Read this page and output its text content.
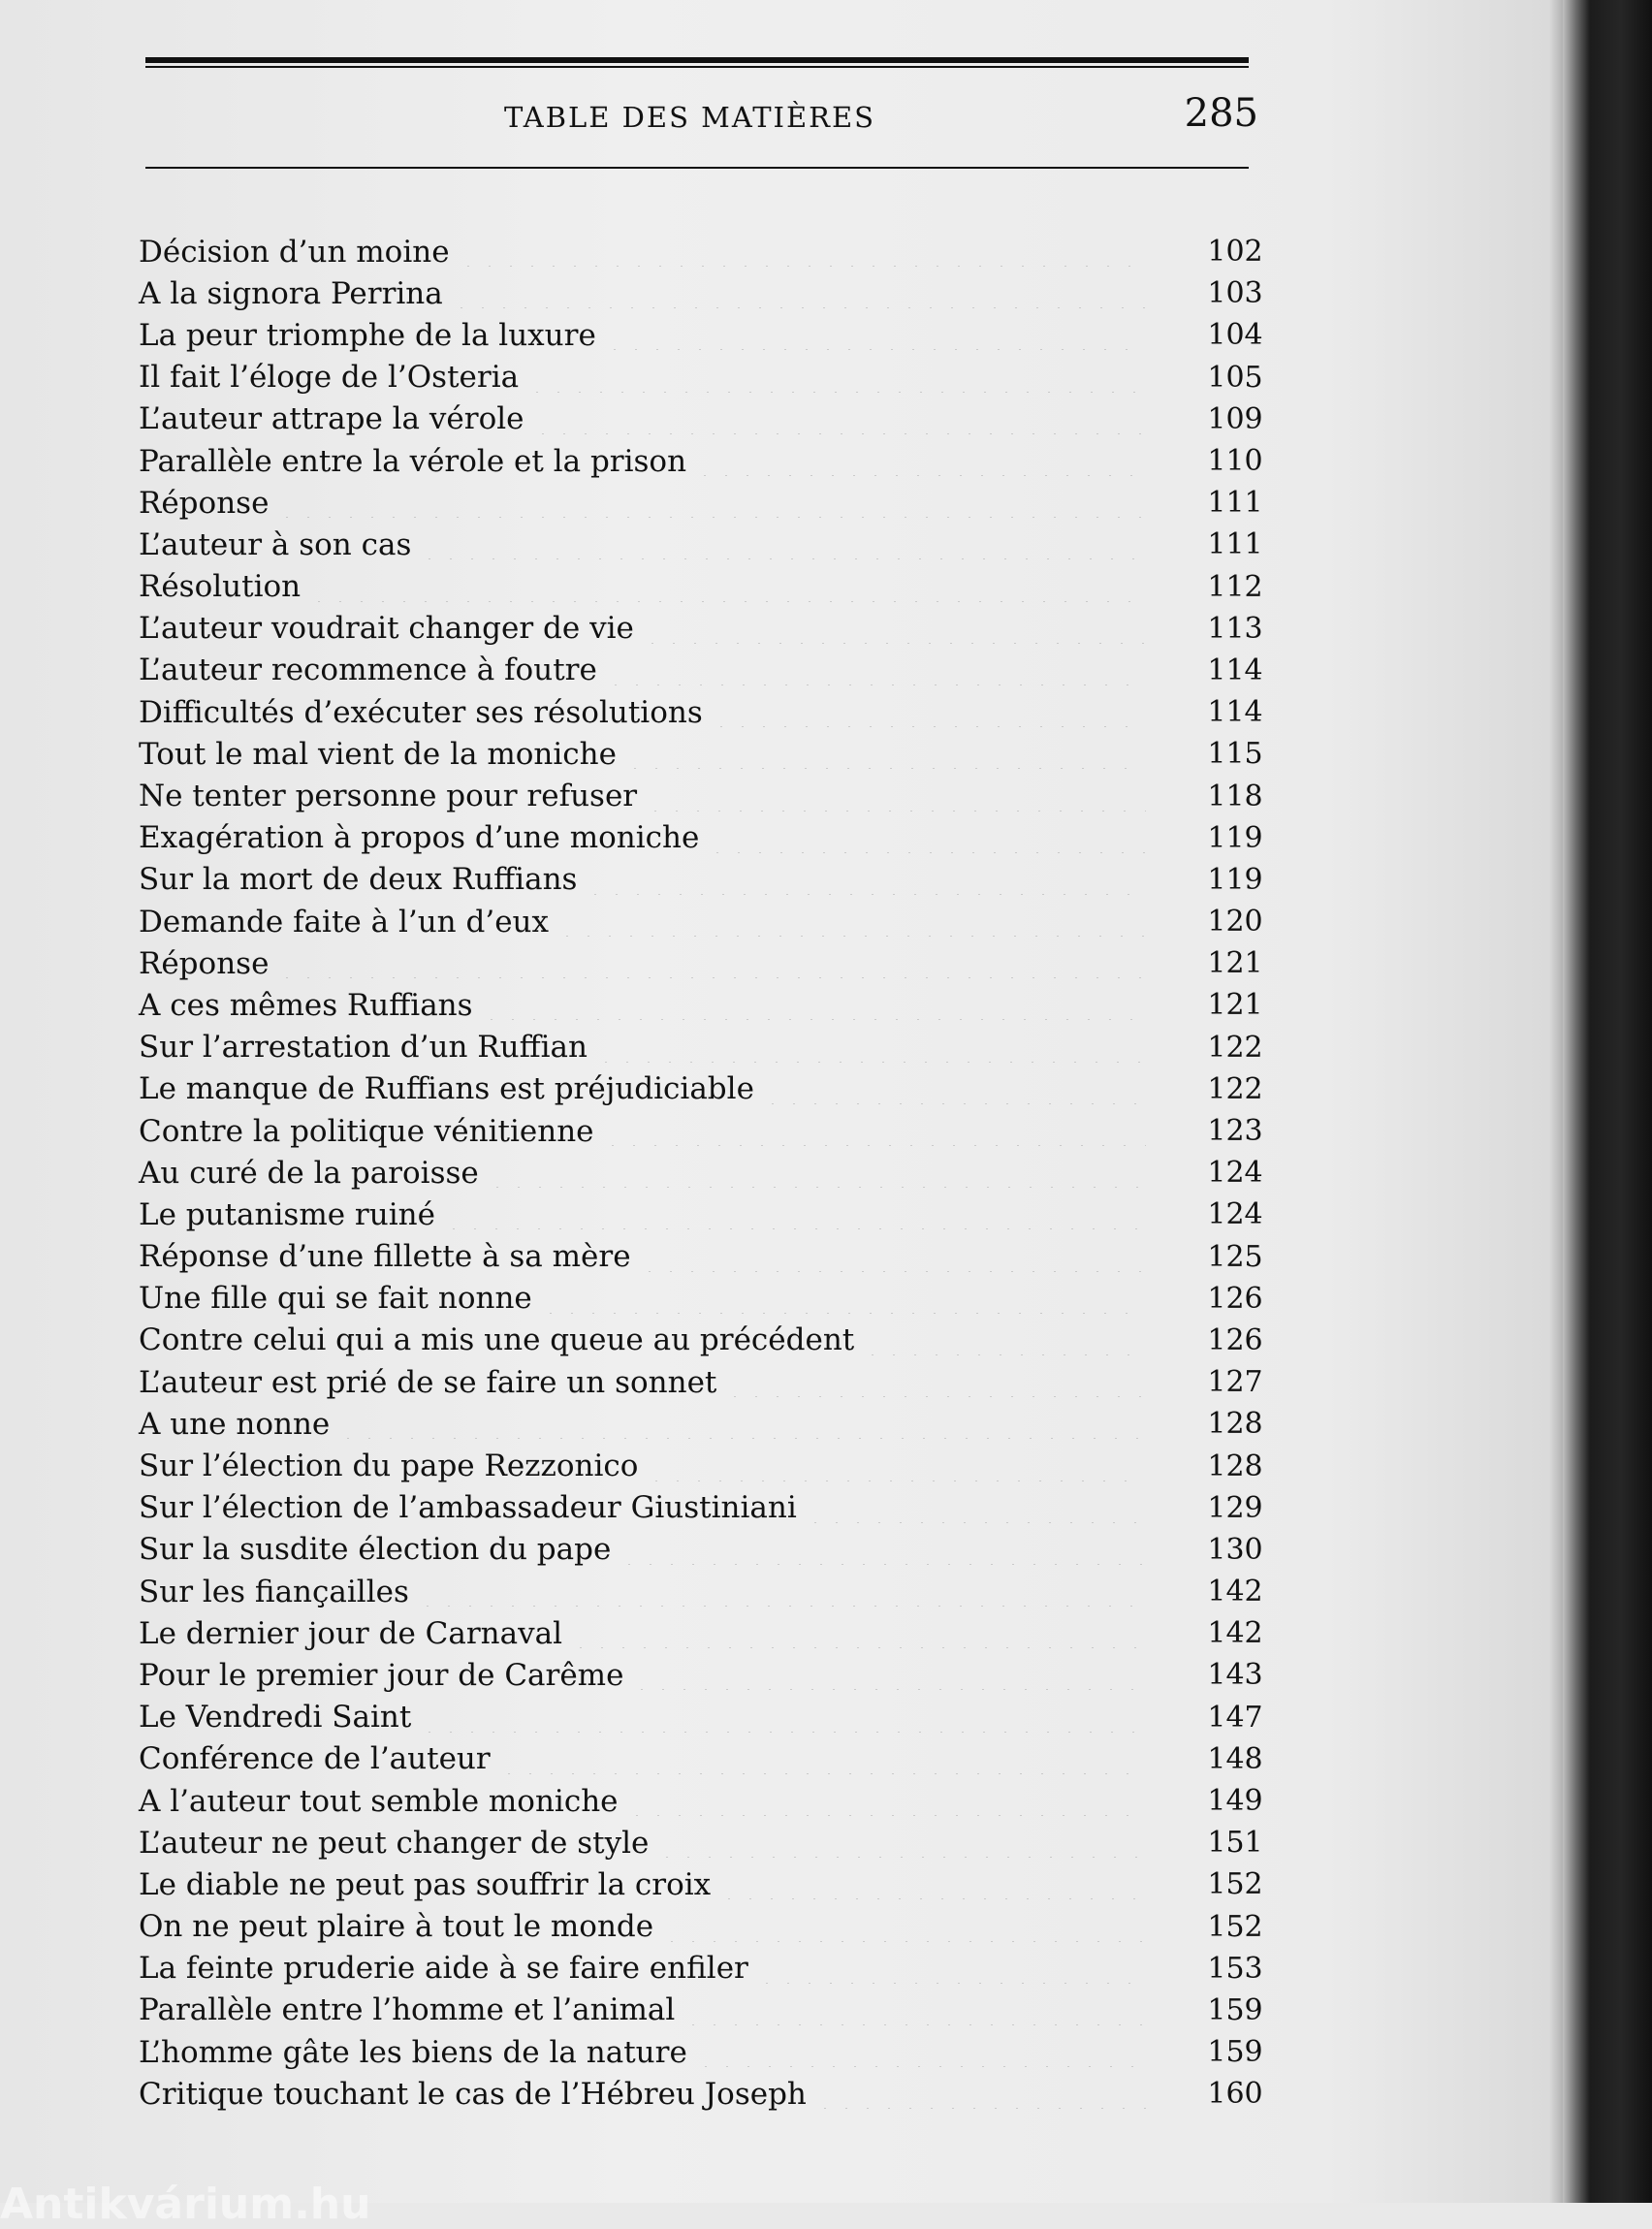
TABLE DES MATIÈRES	285
Décision d’un moine	102
A la signora Perrina	103
La peur triomphe de la luxure	104
Il fait l’éloge de l’Osteria	105
L’auteur attrape la vérole	109
Parallèle entre la vérole et la prison	110
Réponse	111
L’auteur à son cas	111
Résolution	112
L’auteur voudrait changer de vie	113
L’auteur recommence à foutre	114
Difficultés d’exécuter ses résolutions	114
Tout le mal vient de la moniche	115
Ne tenter personne pour refuser	118
Exagération à propos d’une moniche	119
Sur la mort de deux Ruffians	119
Demande faite à l’un d’eux	120
Réponse	121
A ces mêmes Ruffians	121
Sur l’arrestation d’un Ruffian	122
Le manque de Ruffians est préjudiciable	122
Contre la politique vénitienne	123
Au curé de la paroisse	124
Le putanisme ruiné	124
Réponse d’une fillette à sa mère	125
Une fille qui se fait nonne	126
Contre celui qui a mis une queue au précédent	126
L’auteur est prié de se faire un sonnet	127
A une nonne	128
Sur l’élection du pape Rezzonico	128
Sur l’élection de l’ambassadeur Giustiniani	129
Sur la susdite élection du pape	130
Sur les fiançailles	142
Le dernier jour de Carnaval	142
Pour le premier jour de Carême	143
Le Vendredi Saint	147
Conférence de l’auteur	148
A l’auteur tout semble moniche	149
L’auteur ne peut changer de style	151
Le diable ne peut pas souffrir la croix	152
On ne peut plaire à tout le monde	152
La feinte pruderie aide à se faire enfiler	153
Parallèle entre l’homme et l’animal	159
L’homme gâte les biens de la nature	159
Critique touchant le cas de l’Hébreu Joseph	160
Antikvárium.hu
